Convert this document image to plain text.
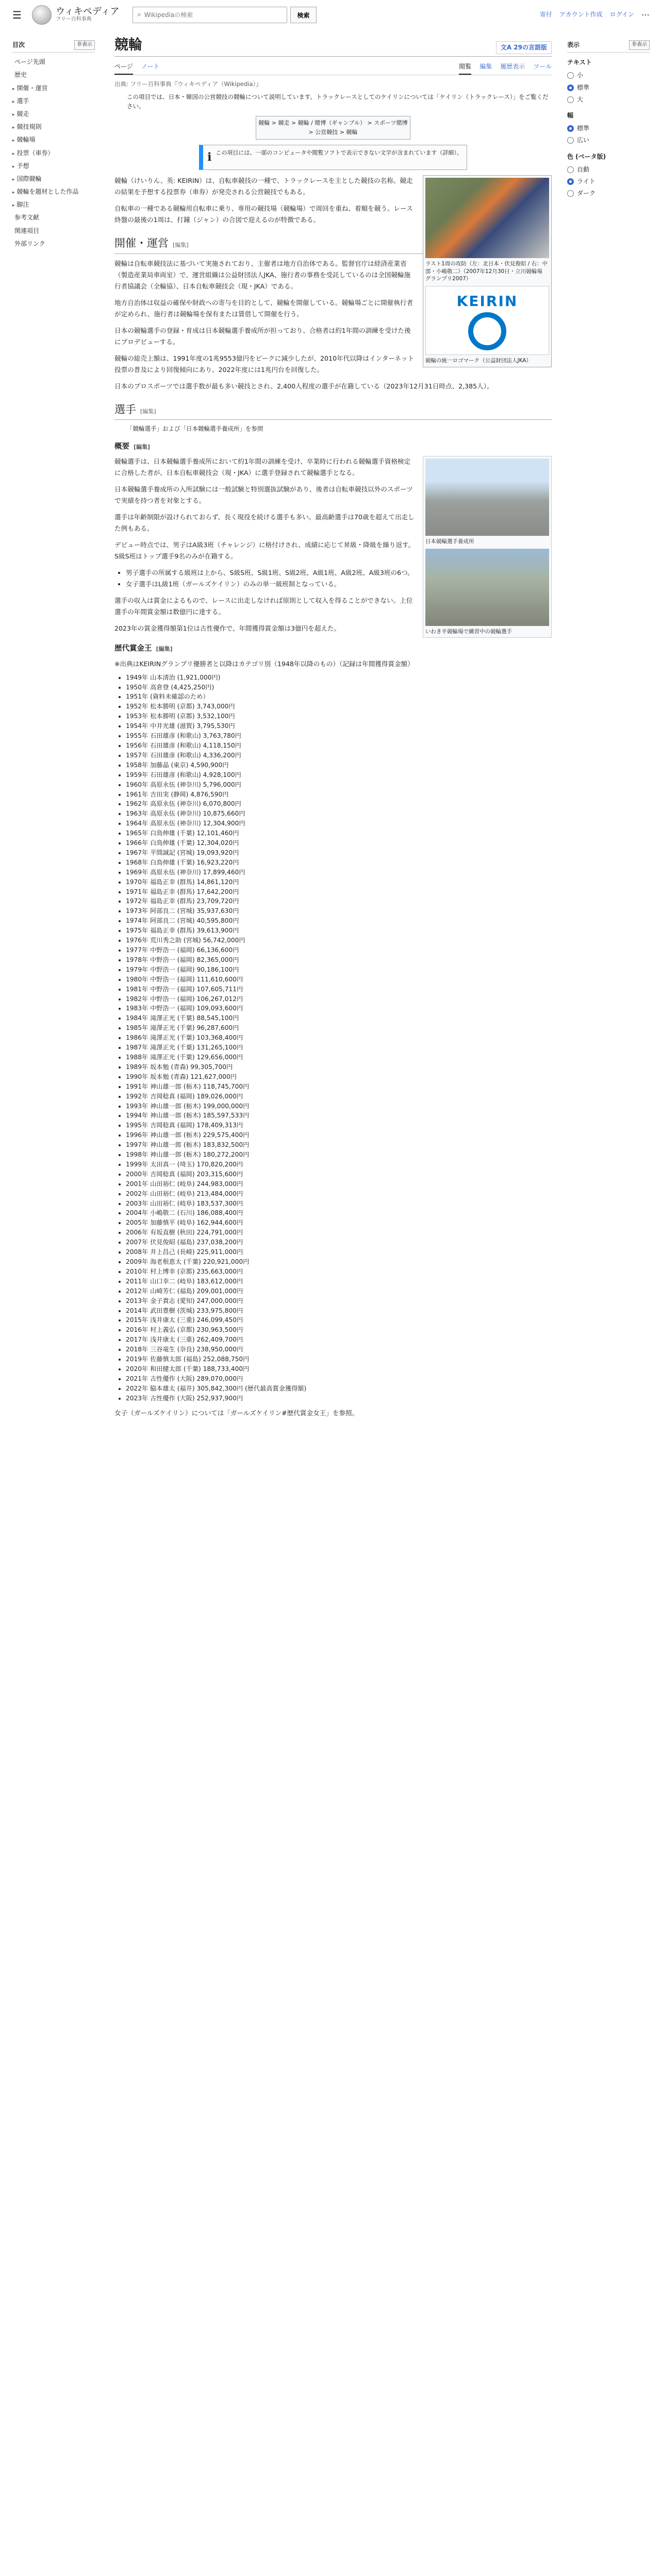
☰	ウィキペディア
フリー百科事典
⌕
Wikipediaの検索	検索	寄付 アカウント作成 ログイン ⋯
目次	非表示
ページ先頭
歴史
▸ 開催・運営
▸ 選手
▸ 競走
▸ 競技規則
▸ 競輪場
▸ 投票（車券）
▸ 予想
▸ 国際競輪
▸ 競輪を題材とした作品
▸ 脚注
参考文献
関連項目
外部リンク
表示	非表示
テキスト
小
標準
大
幅
標準
広い
色 (ベータ版)
自動
ライト
ダーク
競輪	文A 29の言語版
ページ ノート	閲覧 編集 履歴表示 ツール
出典: フリー百科事典『ウィキペディア（Wikipedia）』
この項目では、日本・韓国の公営競技の競輪について説明しています。トラックレースとしてのケイリンについては「ケイリン（トラックレース）」をご覧ください。
競輪 > 競走 > 競輪 / 賭博（ギャンブル） > スポーツ賭博 > 公営競技 > 競輪
ℹ この項目には、一部のコンピュータや閲覧ソフトで表示できない文字が含まれています（詳細）。
ラスト1周の攻防（左：北日本・伏見俊昭 / 右：中部・小嶋敬二）（2007年12月30日・立川競輪場 グランプリ2007）
KEIRIN
競輪の統一ロゴマーク（公益財団法人JKA）

競輪（けいりん、英: KEIRIN）は、自転車競技の一種で、トラックレースを主とした競技の名称。競走の結果を予想する投票券（車券）が発売される公営競技でもある。

自転車の一種である競輪用自転車に乗り、専用の競技場（競輪場）で周回を重ね、着順を競う。レース終盤の最後の1周は、打鐘（ジャン）の合図で迎えるのが特徴である。

開催・運営 [編集]

競輪は自転車競技法に基づいて実施されており、主催者は地方自治体である。監督官庁は経済産業省（製造産業局車両室）で、運営組織は公益財団法人JKA、施行者の事務を受託しているのは全国競輪施行者協議会（全輪協）、日本自転車競技会（現・JKA）である。

地方自治体は収益の確保や財政への寄与を目的として、競輪を開催している。競輪場ごとに開催執行者が定められ、施行者は競輪場を保有または賃借して開催を行う。

日本の競輪選手の登録・育成は日本競輪選手養成所が担っており、合格者は約1年間の訓練を受けた後にプロデビューする。

競輪の総売上額は、1991年度の1兆9553億円をピークに減少したが、2010年代以降はインターネット投票の普及により回復傾向にあり、2022年度には1兆円台を回復した。

日本のプロスポーツでは選手数が最も多い競技とされ、2,400人程度の選手が在籍している（2023年12月31日時点、2,385人）。

選手 [編集]
「競輪選手」および「日本競輪選手養成所」を参照
概要 [編集]
日本競輪選手養成所
いわき平競輪場で練習中の競輪選手

競輪選手は、日本競輪選手養成所において約1年間の訓練を受け、卒業時に行われる競輪選手資格検定に合格した者が、日本自転車競技会（現・JKA）に選手登録されて競輪選手となる。

日本競輪選手養成所の入所試験には一般試験と特別選抜試験があり、後者は自転車競技以外のスポーツで実績を持つ者を対象とする。

選手は年齢制限が設けられておらず、長く現役を続ける選手も多い。最高齢選手は70歳を超えて出走した例もある。

デビュー時点では、男子はA級3班（チャレンジ）に格付けされ、成績に応じて昇級・降級を繰り返す。S級S班はトップ選手9名のみが在籍する。

• 男子選手の所属する級班は上から、S級S班、S級1班、S級2班、A級1班、A級2班、A級3班の6つ。
• 女子選手はL級1班（ガールズケイリン）のみの単一級班制となっている。

選手の収入は賞金によるもので、レースに出走しなければ原則として収入を得ることができない。上位選手の年間賞金額は数億円に達する。

2023年の賞金獲得額第1位は古性優作で、年間獲得賞金額は3億円を超えた。

歴代賞金王 [編集]
※出典はKEIRINグランプリ優勝者と以降はカテゴリ別（1948年以降のもの）（記録は年間獲得賞金額）
• 1949年 山本清治 (1,921,000円)
• 1950年 高倉登 (4,425,250円)
• 1951年 (資料未確認のため）
• 1952年 松本勝明 (京都) 3,743,000円
• 1953年 松本勝明 (京都) 3,532,100円
• 1954年 中井光雄 (滋賀) 3,795,530円
• 1955年 石田雄彦 (和歌山) 3,763,780円
• 1956年 石田雄彦 (和歌山) 4,118,150円
• 1957年 石田雄彦 (和歌山) 4,336,200円
• 1958年 加藤晶 (東京) 4,590,900円
• 1959年 石田雄彦 (和歌山) 4,928,100円
• 1960年 高原永伍 (神奈川) 5,796,000円
• 1961年 吉田実 (静岡) 4,876,590円
• 1962年 高原永伍 (神奈川) 6,070,800円
• 1963年 高原永伍 (神奈川) 10,875,660円
• 1964年 高原永伍 (神奈川) 12,304,900円
• 1965年 白鳥伸雄 (千葉) 12,101,460円
• 1966年 白鳥伸雄 (千葉) 12,304,020円
• 1967年 平間誠記 (宮城) 19,093,920円
• 1968年 白鳥伸雄 (千葉) 16,923,220円
• 1969年 高原永伍 (神奈川) 17,899,460円
• 1970年 福島正幸 (群馬) 14,861,120円
• 1971年 福島正幸 (群馬) 17,642,200円
• 1972年 福島正幸 (群馬) 23,709,720円
• 1973年 阿部良二 (宮城) 35,937,630円
• 1974年 阿部良二 (宮城) 40,595,800円
• 1975年 福島正幸 (群馬) 39,613,900円
• 1976年 荒川秀之助 (宮城) 56,742,000円
• 1977年 中野浩一 (福岡) 66,136,600円
• 1978年 中野浩一 (福岡) 82,365,000円
• 1979年 中野浩一 (福岡) 90,186,100円
• 1980年 中野浩一 (福岡) 111,610,600円
• 1981年 中野浩一 (福岡) 107,605,711円
• 1982年 中野浩一 (福岡) 106,267,012円
• 1983年 中野浩一 (福岡) 109,093,600円
• 1984年 滝澤正光 (千葉) 88,545,100円
• 1985年 滝澤正光 (千葉) 96,287,600円
• 1986年 滝澤正光 (千葉) 103,368,400円
• 1987年 滝澤正光 (千葉) 131,265,100円
• 1988年 滝澤正光 (千葉) 129,656,000円
• 1989年 坂本勉 (青森) 99,305,700円
• 1990年 坂本勉 (青森) 121,627,000円
• 1991年 神山雄一郎 (栃木) 118,745,700円
• 1992年 吉岡稔真 (福岡) 189,026,000円
• 1993年 神山雄一郎 (栃木) 199,000,000円
• 1994年 神山雄一郎 (栃木) 185,597,533円
• 1995年 吉岡稔真 (福岡) 178,409,313円
• 1996年 神山雄一郎 (栃木) 229,575,400円
• 1997年 神山雄一郎 (栃木) 183,832,500円
• 1998年 神山雄一郎 (栃木) 180,272,200円
• 1999年 太田真一 (埼玉) 170,820,200円
• 2000年 吉岡稔真 (福岡) 203,315,600円
• 2001年 山田裕仁 (岐阜) 244,983,000円
• 2002年 山田裕仁 (岐阜) 213,484,000円
• 2003年 山田裕仁 (岐阜) 183,537,300円
• 2004年 小嶋敬二 (石川) 186,088,400円
• 2005年 加藤慎平 (岐阜) 162,944,600円
• 2006年 有坂直樹 (秋田) 224,791,000円
• 2007年 伏見俊昭 (福島) 237,038,200円
• 2008年 井上昌己 (長崎) 225,911,000円
• 2009年 海老根恵太 (千葉) 220,921,000円
• 2010年 村上博幸 (京都) 235,663,000円
• 2011年 山口幸二 (岐阜) 183,612,000円
• 2012年 山崎芳仁 (福島) 209,001,000円
• 2013年 金子貴志 (愛知) 247,000,000円
• 2014年 武田豊樹 (茨城) 233,975,800円
• 2015年 浅井康太 (三重) 246,099,450円
• 2016年 村上義弘 (京都) 230,963,500円
• 2017年 浅井康太 (三重) 262,409,700円
• 2018年 三谷竜生 (奈良) 238,950,000円
• 2019年 佐藤慎太郎 (福島) 252,088,750円
• 2020年 和田健太郎 (千葉) 188,733,400円
• 2021年 古性優作 (大阪) 289,070,000円
• 2022年 脇本雄太 (福井) 305,842,300円 (歴代最高賞金獲得額)
• 2023年 古性優作 (大阪) 252,937,900円
女子（ガールズケイリン）については「ガールズケイリン#歴代賞金女王」を参照。
